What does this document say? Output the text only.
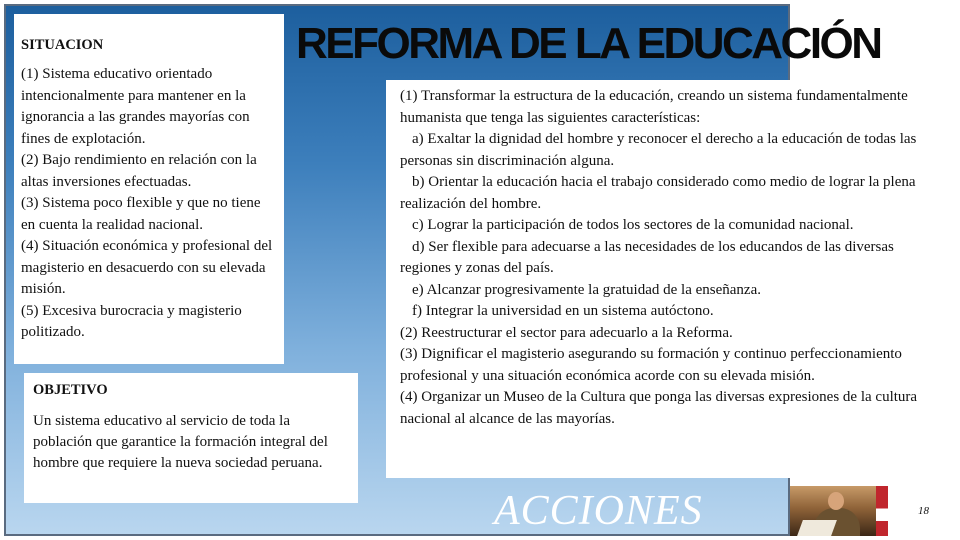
SITUACION
(1) Sistema educativo orientado intencionalmente para mantener en la ignorancia a las grandes mayorías con fines de explotación.
(2) Bajo rendimiento en relación con la altas inversiones efectuadas.
(3) Sistema poco flexible y que no tiene en cuenta la realidad nacional.
(4) Situación económica y profesional del magisterio en desacuerdo con su elevada misión.
(5) Excesiva burocracia y magisterio politizado.
REFORMA DE LA EDUCACIÓN
OBJETIVO

Un sistema educativo al servicio de toda la población que garantice la formación integral del hombre que requiere la nueva sociedad peruana.

(1) Transformar la estructura de la educación, creando un sistema fundamentalmente humanista que tenga las siguientes características:
a) Exaltar la dignidad del hombre y reconocer el derecho a la educación de todas las personas sin discriminación alguna.
b) Orientar la educación hacia el trabajo considerado como medio de lograr la plena realización del hombre.
c) Lograr la participación de todos los sectores de la comunidad nacional.
d) Ser flexible para adecuarse a las necesidades de los educandos de las diversas regiones y zonas del país.
e) Alcanzar progresivamente la gratuidad de la enseñanza.
f) Integrar la universidad en un sistema autóctono.
(2) Reestructurar el sector para adecuarlo a la Reforma.
(3) Dignificar el magisterio asegurando su formación y continuo perfeccionamiento profesional y una situación económica acorde con su elevada misión.
(4) Organizar un Museo de la Cultura que ponga las diversas expresiones de la cultura nacional al alcance de las mayorías.
ACCIONES	18
